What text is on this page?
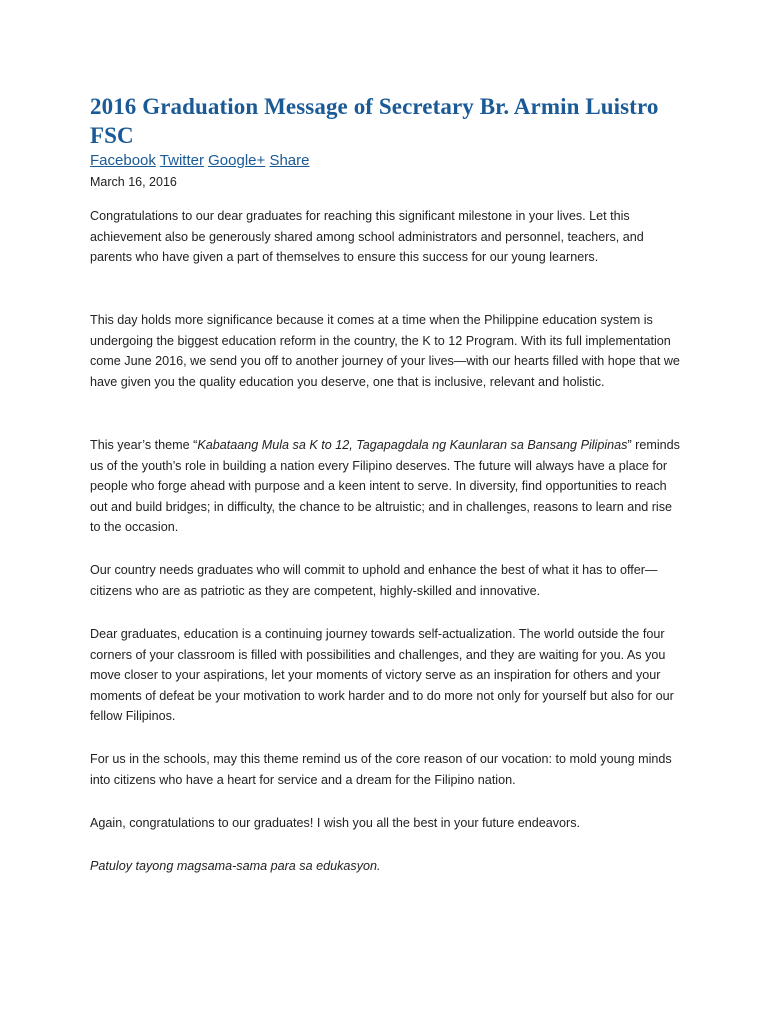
2016 Graduation Message of Secretary Br. Armin Luistro FSC
Facebook Twitter Google+ Share
March 16, 2016

Congratulations to our dear graduates for reaching this significant milestone in your lives. Let this achievement also be generously shared among school administrators and personnel, teachers, and parents who have given a part of themselves to ensure this success for our young learners.

This day holds more significance because it comes at a time when the Philippine education system is undergoing the biggest education reform in the country, the K to 12 Program. With its full implementation come June 2016, we send you off to another journey of your lives—with our hearts filled with hope that we have given you the quality education you deserve, one that is inclusive, relevant and holistic.

This year’s theme “Kabataang Mula sa K to 12, Tagapagdala ng Kaunlaran sa Bansang Pilipinas” reminds us of the youth’s role in building a nation every Filipino deserves. The future will always have a place for people who forge ahead with purpose and a keen intent to serve. In diversity, find opportunities to reach out and build bridges; in difficulty, the chance to be altruistic; and in challenges, reasons to learn and rise to the occasion.

Our country needs graduates who will commit to uphold and enhance the best of what it has to offer—citizens who are as patriotic as they are competent, highly-skilled and innovative.

Dear graduates, education is a continuing journey towards self-actualization. The world outside the four corners of your classroom is filled with possibilities and challenges, and they are waiting for you. As you move closer to your aspirations, let your moments of victory serve as an inspiration for others and your moments of defeat be your motivation to work harder and to do more not only for yourself but also for our fellow Filipinos.

For us in the schools, may this theme remind us of the core reason of our vocation: to mold young minds into citizens who have a heart for service and a dream for the Filipino nation.

Again, congratulations to our graduates! I wish you all the best in your future endeavors.

Patuloy tayong magsama-sama para sa edukasyon.
